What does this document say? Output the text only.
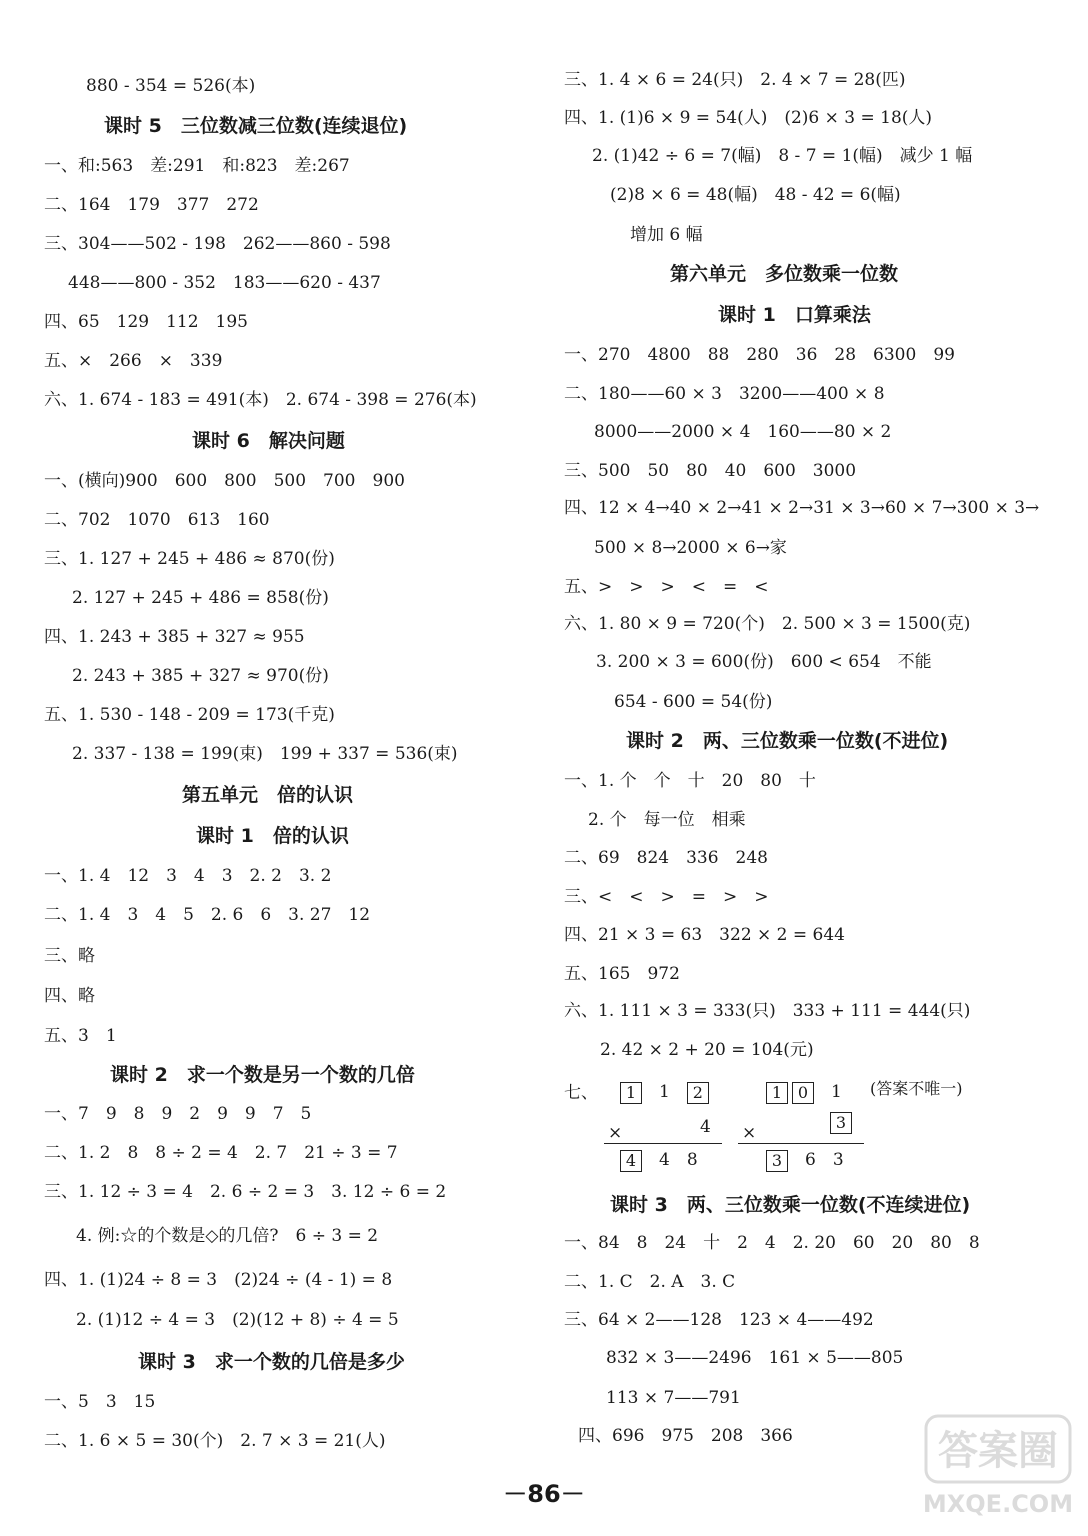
880 - 354 = 526(本)
课时 5　三位数减三位数(连续退位)
一、和:563　差:291　和:823　差:267
二、164　179　377　272
三、304——502 - 198　262——860 - 598
448——800 - 352　183——620 - 437
四、65　129　112　195
五、×　266　×　339
六、1. 674 - 183 = 491(本)　2. 674 - 398 = 276(本)
课时 6　解决问题
一、(横向)900　600　800　500　700　900
二、702　1070　613　160
三、1. 127 + 245 + 486 ≈ 870(份)
2. 127 + 245 + 486 = 858(份)
四、1. 243 + 385 + 327 ≈ 955
2. 243 + 385 + 327 ≈ 970(份)
五、1. 530 - 148 - 209 = 173(千克)
2. 337 - 138 = 199(束)　199 + 337 = 536(束)
第五单元　倍的认识
课时 1　倍的认识
一、1. 4　12　3　4　3　2. 2　3. 2
二、1. 4　3　4　5　2. 6　6　3. 27　12
三、略
四、略
五、3　1
课时 2　求一个数是另一个数的几倍
一、7　9　8　9　2　9　9　7　5
二、1. 2　8　8 ÷ 2 = 4　2. 7　21 ÷ 3 = 7
三、1. 12 ÷ 3 = 4　2. 6 ÷ 2 = 3　3. 12 ÷ 6 = 2
4. 例:☆的个数是◇的几倍?　6 ÷ 3 = 2
四、1. (1)24 ÷ 8 = 3　(2)24 ÷ (4 - 1) = 8
2. (1)12 ÷ 4 = 3　(2)(12 + 8) ÷ 4 = 5
课时 3　求一个数的几倍是多少
一、5　3　15
二、1. 6 × 5 = 30(个)　2. 7 × 3 = 21(人)
三、1. 4 × 6 = 24(只)　2. 4 × 7 = 28(匹)
四、1. (1)6 × 9 = 54(人)　(2)6 × 3 = 18(人)
2. (1)42 ÷ 6 = 7(幅)　8 - 7 = 1(幅)　减少 1 幅
(2)8 × 6 = 48(幅)　48 - 42 = 6(幅)
增加 6 幅
第六单元　多位数乘一位数
课时 1　口算乘法
一、270　4800　88　280　36　28　6300　99
二、180——60 × 3　3200——400 × 8
8000——2000 × 4　160——80 × 2
三、500　50　80　40　600　3000
四、12 × 4→40 × 2→41 × 2→31 × 3→60 × 7→300 × 3→
500 × 8→2000 × 6→家
五、>　>　>　<　=　<
六、1. 80 × 9 = 720(个)　2. 500 × 3 = 1500(克)
3. 200 × 3 = 600(份)　600 < 654　不能
654 - 600 = 54(份)
课时 2　两、三位数乘一位数(不进位)
一、1. 个　个　十　20　80　十
2. 个　每一位　相乘
二、69　824　336　248
三、<　<　>　=　>　>
四、21 × 3 = 63　322 × 2 = 644
五、165　972
六、1. 111 × 3 = 333(只)　333 + 111 = 444(只)
2. 42 × 2 + 20 = 104(元)
七、	(答案不唯一)
1　 1　 2
×	4
4　 4　 8
1 0　 1
×
3
3　 6　 3
课时 3　两、三位数乘一位数(不连续进位)
一、84　8　24　十　2　4　2. 20　60　20　80　8
二、1. C　2. A　3. C
三、64 × 2——128　123 × 4——492
832 × 3——2496　161 × 5——805
113 × 7——791
四、696　975　208　366
－86－
答案圈
MXQE.COM
